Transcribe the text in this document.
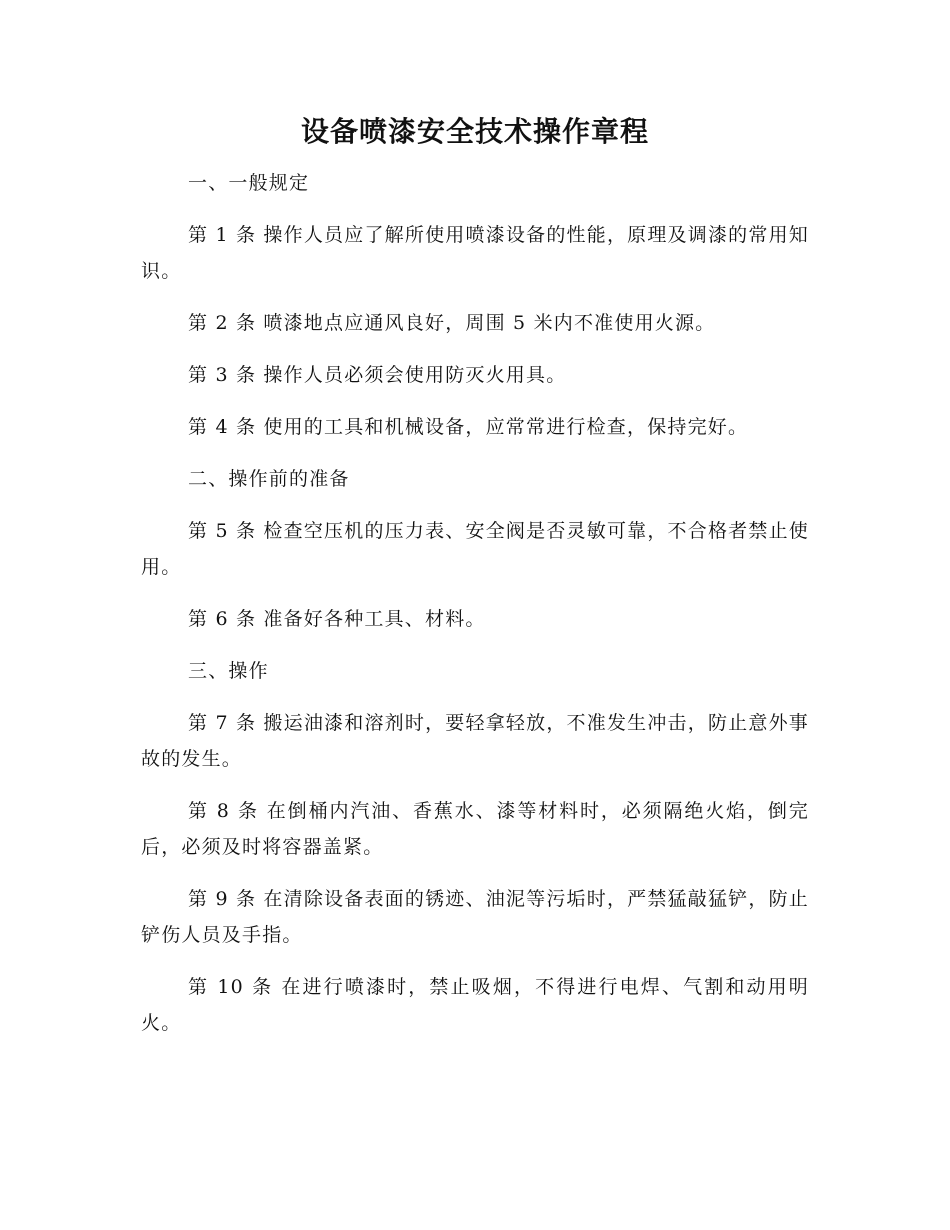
设备喷漆安全技术操作章程

一、一般规定

第 1 条 操作人员应了解所使用喷漆设备的性能，原理及调漆的常用知识。

第 2 条 喷漆地点应通风良好，周围 5 米内不准使用火源。

第 3 条 操作人员必须会使用防灭火用具。

第 4 条 使用的工具和机械设备，应常常进行检查，保持完好。

二、操作前的准备

第 5 条 检查空压机的压力表、安全阀是否灵敏可靠，不合格者禁止使用。

第 6 条 准备好各种工具、材料。

三、操作

第 7 条 搬运油漆和溶剂时，要轻拿轻放，不准发生冲击，防止意外事故的发生。

第 8 条 在倒桶内汽油、香蕉水、漆等材料时，必须隔绝火焰，倒完后，必须及时将容器盖紧。

第 9 条 在清除设备表面的锈迹、油泥等污垢时，严禁猛敲猛铲，防止铲伤人员及手指。

第 10 条 在进行喷漆时，禁止吸烟，不得进行电焊、气割和动用明火。
